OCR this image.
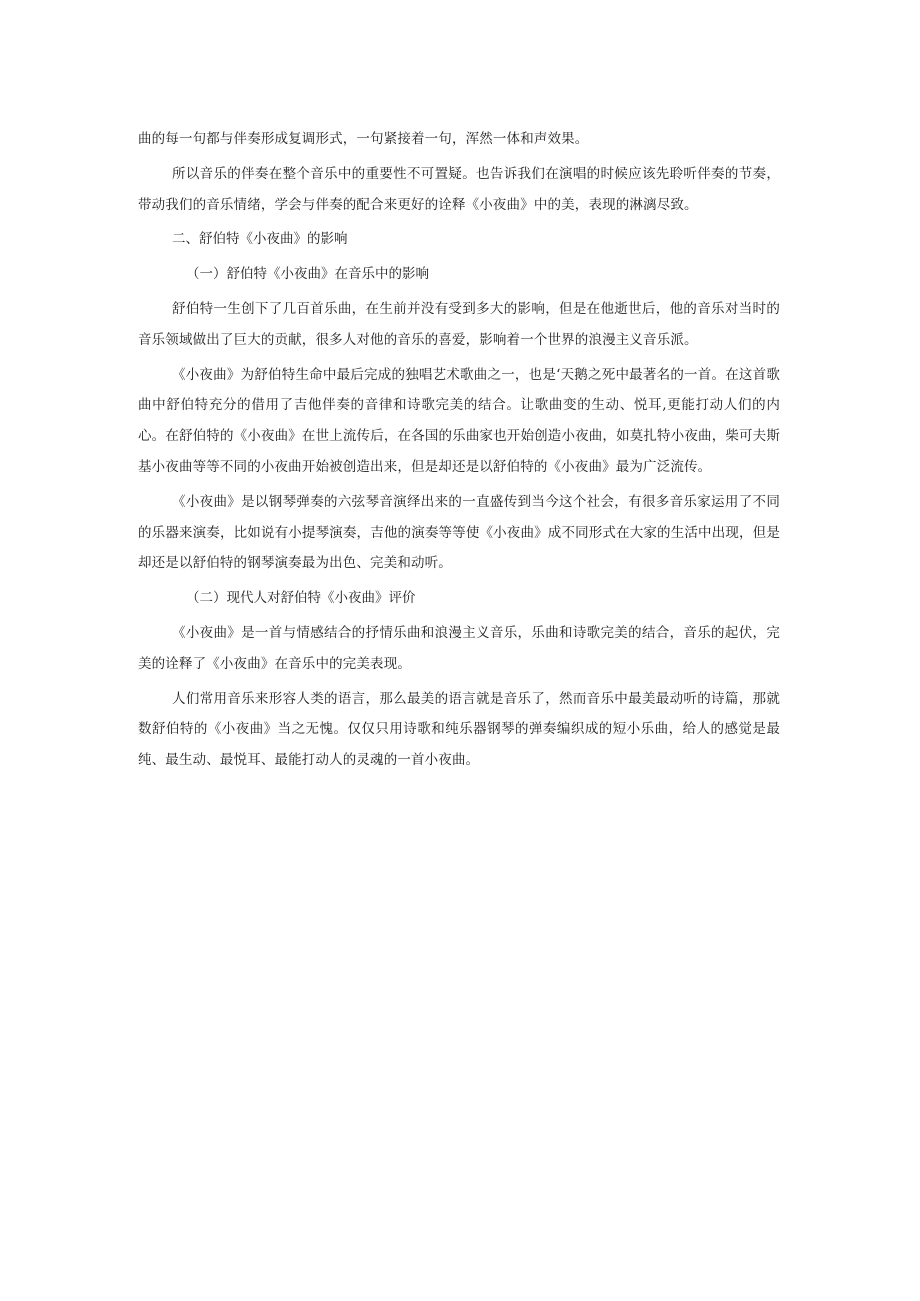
曲的每一句都与伴奏形成复调形式，一句紧接着一句，浑然一体和声效果。

所以音乐的伴奏在整个音乐中的重要性不可置疑。也告诉我们在演唱的时候应该先聆听伴奏的节奏，带动我们的音乐情绪，学会与伴奏的配合来更好的诠释《小夜曲》中的美，表现的淋漓尽致。

二、舒伯特《小夜曲》的影响

（一）舒伯特《小夜曲》在音乐中的影响

舒伯特一生创下了几百首乐曲，在生前并没有受到多大的影响，但是在他逝世后，他的音乐对当时的音乐领域做出了巨大的贡献，很多人对他的音乐的喜爱，影响着一个世界的浪漫主义音乐派。

《小夜曲》为舒伯特生命中最后完成的独唱艺术歌曲之一，也是‘天鹅之死中最著名的一首。在这首歌曲中舒伯特充分的借用了吉他伴奏的音律和诗歌完美的结合。让歌曲变的生动、悦耳,更能打动人们的内心。在舒伯特的《小夜曲》在世上流传后，在各国的乐曲家也开始创造小夜曲，如莫扎特小夜曲，柴可夫斯基小夜曲等等不同的小夜曲开始被创造出来，但是却还是以舒伯特的《小夜曲》最为广泛流传。

《小夜曲》是以钢琴弹奏的六弦琴音演绎出来的一直盛传到当今这个社会，有很多音乐家运用了不同的乐器来演奏，比如说有小提琴演奏，吉他的演奏等等使《小夜曲》成不同形式在大家的生活中出现，但是却还是以舒伯特的钢琴演奏最为出色、完美和动听。

（二）现代人对舒伯特《小夜曲》评价

《小夜曲》是一首与情感结合的抒情乐曲和浪漫主义音乐，乐曲和诗歌完美的结合，音乐的起伏，完美的诠释了《小夜曲》在音乐中的完美表现。

人们常用音乐来形容人类的语言，那么最美的语言就是音乐了，然而音乐中最美最动听的诗篇，那就数舒伯特的《小夜曲》当之无愧。仅仅只用诗歌和纯乐器钢琴的弹奏编织成的短小乐曲，给人的感觉是最纯、最生动、最悦耳、最能打动人的灵魂的一首小夜曲。
